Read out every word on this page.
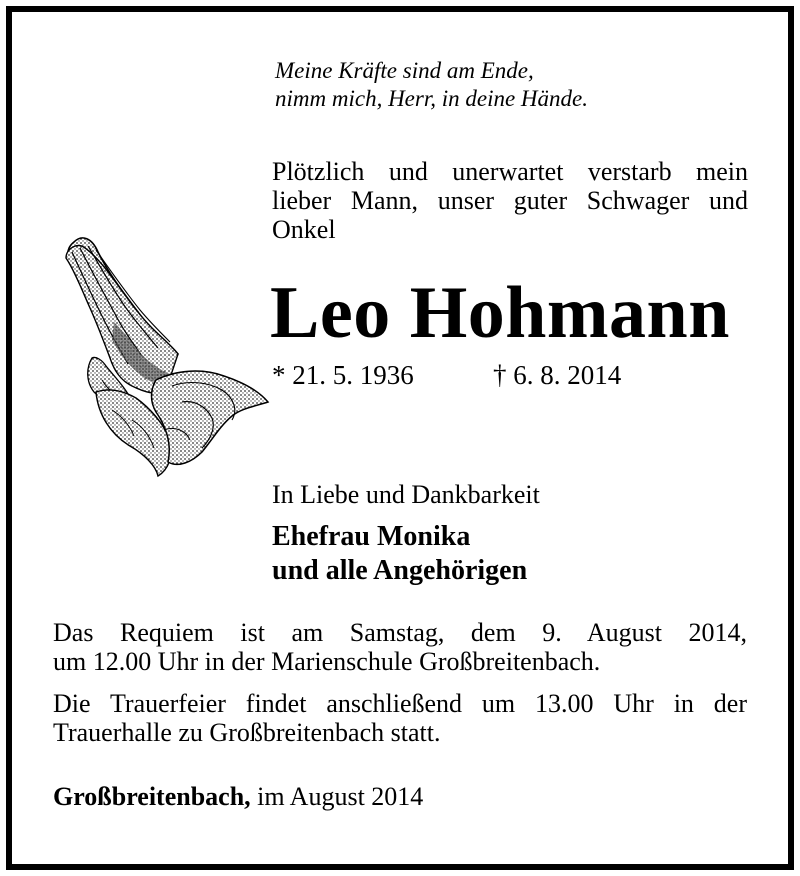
Meine Kräfte sind am Ende,
nimm mich, Herr, in deine Hände.

Plötzlich und unerwartet verstarb mein
lieber Mann, unser guter Schwager und
Onkel
Leo Hohmann
* 21. 5. 1936	† 6. 8. 2014
In Liebe und Dankbarkeit
Ehefrau Monika
und alle Angehörigen
Das Requiem ist am Samstag, dem 9. August 2014,
um 12.00 Uhr in der Marienschule Großbreitenbach.
Die Trauerfeier findet anschließend um 13.00 Uhr in der
Trauerhalle zu Großbreitenbach statt.
Großbreitenbach, im August 2014
